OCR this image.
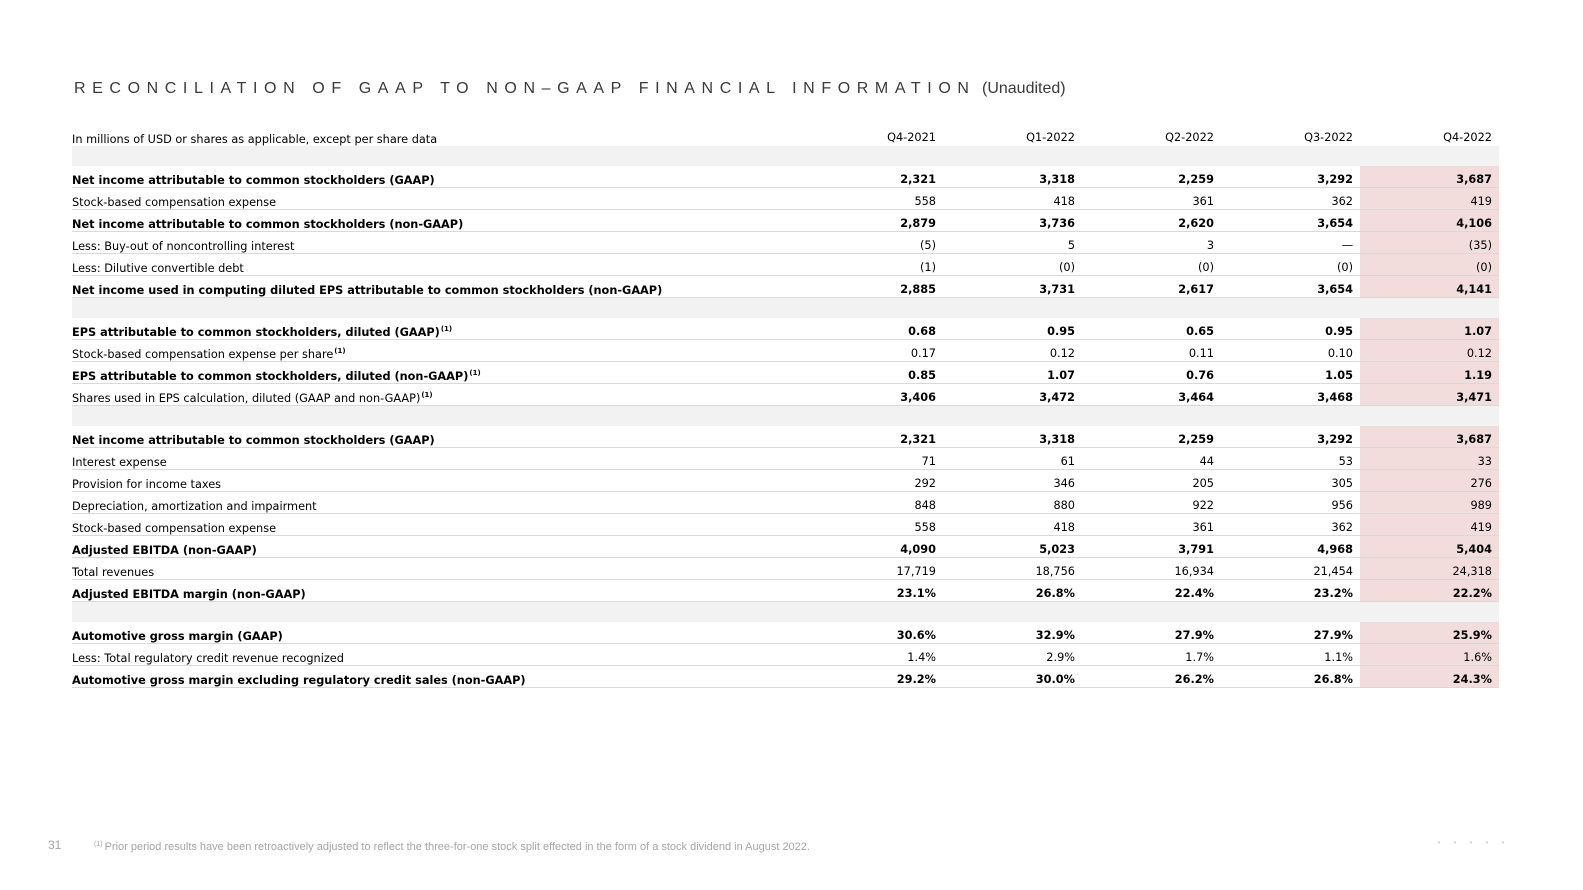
RECONCILIATION OF GAAP TO NON–GAAP FINANCIAL INFORMATION (Unaudited)
In millions of USD or shares as applicable, except per share data	Q4-2021	Q1-2022	Q2-2022	Q3-2022	Q4-2022

Net income attributable to common stockholders (GAAP)	2,321	3,318	2,259	3,292	3,687
Stock-based compensation expense	558	418	361	362	419
Net income attributable to common stockholders (non-GAAP)	2,879	3,736	2,620	3,654	4,106
Less: Buy-out of noncontrolling interest	(5)	5	3	—	(35)
Less: Dilutive convertible debt	(1)	(0)	(0)	(0)	(0)
Net income used in computing diluted EPS attributable to common stockholders (non-GAAP)	2,885	3,731	2,617	3,654	4,141

EPS attributable to common stockholders, diluted (GAAP)$^{(1)}$	0.68	0.95	0.65	0.95	1.07
Stock-based compensation expense per share$^{(1)}$	0.17	0.12	0.11	0.10	0.12
EPS attributable to common stockholders, diluted (non-GAAP)$^{(1)}$	0.85	1.07	0.76	1.05	1.19
Shares used in EPS calculation, diluted (GAAP and non-GAAP)$^{(1)}$	3,406	3,472	3,464	3,468	3,471

Net income attributable to common stockholders (GAAP)	2,321	3,318	2,259	3,292	3,687
Interest expense	71	61	44	53	33
Provision for income taxes	292	346	205	305	276
Depreciation, amortization and impairment	848	880	922	956	989
Stock-based compensation expense	558	418	361	362	419
Adjusted EBITDA (non-GAAP)	4,090	5,023	3,791	4,968	5,404
Total revenues	17,719	18,756	16,934	21,454	24,318
Adjusted EBITDA margin (non-GAAP)	23.1%	26.8%	22.4%	23.2%	22.2%

Automotive gross margin (GAAP)	30.6%	32.9%	27.9%	27.9%	25.9%
Less: Total regulatory credit revenue recognized	1.4%	2.9%	1.7%	1.1%	1.6%
Automotive gross margin excluding regulatory credit sales (non-GAAP)	29.2%	30.0%	26.2%	26.8%	24.3%
31	$^{(1)}$ Prior period results have been retroactively adjusted to reflect the three-for-one stock split effected in the form of a stock dividend in August 2022.	▪	▪	▪	▪	▪
